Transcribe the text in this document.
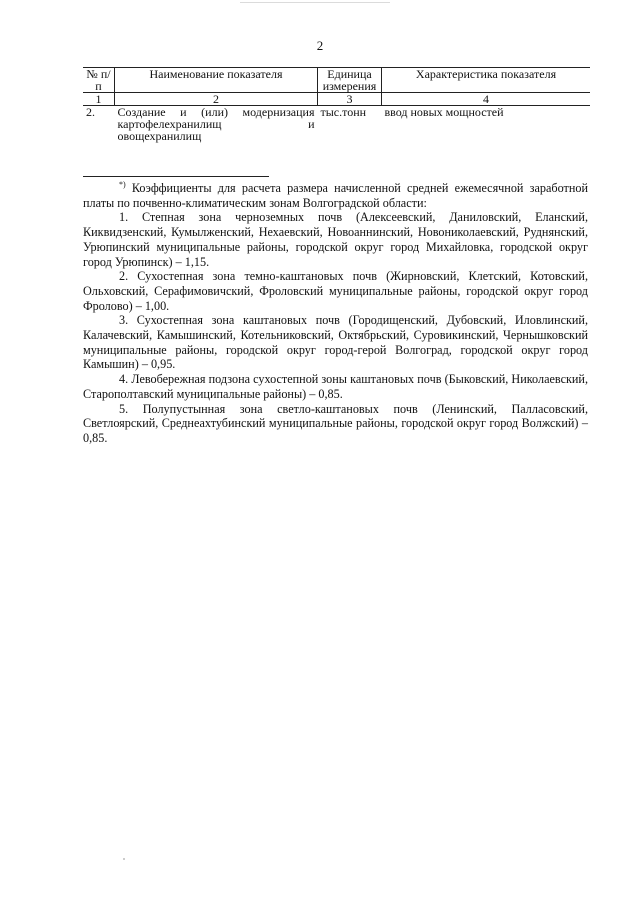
2
№ п/п	Наименование показателя	Единица измерения	Характеристика показателя
1	2	3	4
2.	Создание и (или) модернизация картофелехранилищ и овощехранилищ	тыс.тонн	ввод новых мощностей

*) Коэффициенты для расчета размера начисленной средней ежемесячной заработной платы по почвенно-климатическим зонам Волгоградской области:

1. Степная зона черноземных почв (Алексеевский, Даниловский, Еланский, Киквидзенский, Кумылженский, Нехаевский, Новоаннинский, Новониколаевский, Руднянский, Урюпинский муниципальные районы, городской округ город Михайловка, городской округ город Урюпинск) – 1,15.

2. Сухостепная зона темно-каштановых почв (Жирновский, Клетский, Котовский, Ольховский, Серафимовичский, Фроловский муниципальные районы, городской округ город Фролово) – 1,00.

3. Сухостепная зона каштановых почв (Городищенский, Дубовский, Иловлинский, Калачевский, Камышинский, Котельниковский, Октябрьский, Суровикинский, Чернышковский муниципальные районы, городской округ город-герой Волгоград, городской округ город Камышин) – 0,95.

4. Левобережная подзона сухостепной зоны каштановых почв (Быковский, Николаевский, Старополтавский муниципальные районы) – 0,85.

5. Полупустынная зона светло-каштановых почв (Ленинский, Палласовский, Светлоярский, Среднеахтубинский муниципальные районы, городской округ город Волжский) – 0,85.
